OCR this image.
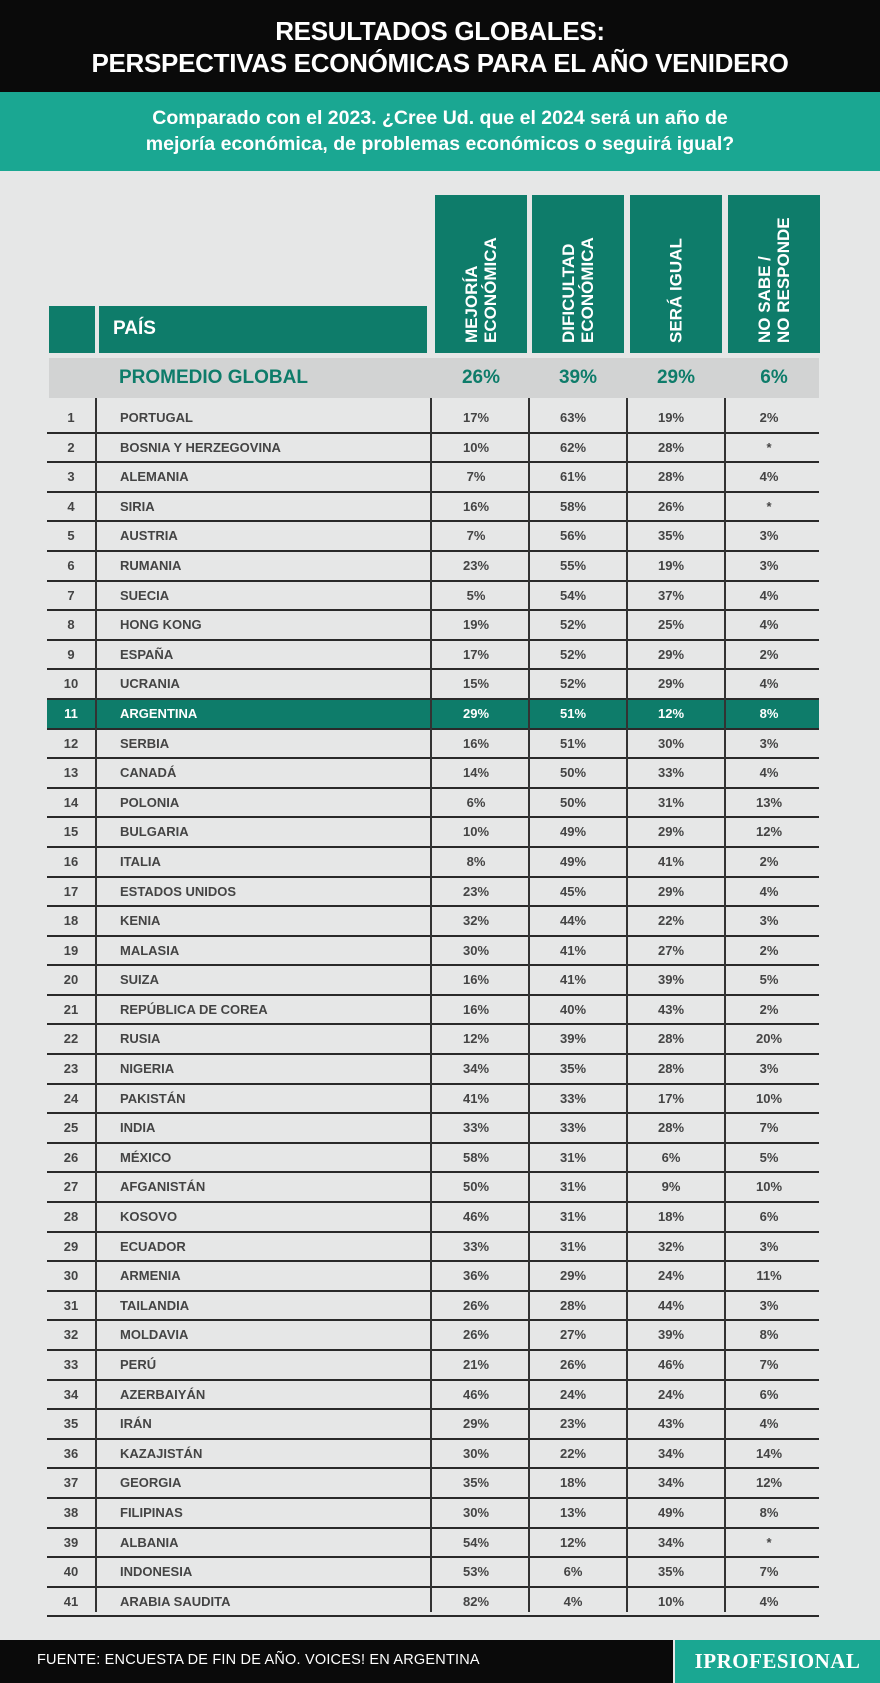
RESULTADOS GLOBALES:
PERSPECTIVAS ECONÓMICAS PARA EL AÑO VENIDERO
Comparado con el 2023. ¿Cree Ud. que el 2024 será un año de
mejoría económica, de problemas económicos o seguirá igual?
PAÍS	MEJORÍA ECONÓMICA	DIFICULTAD ECONÓMICA	SERÁ IGUAL	NO SABE / NO RESPONDE
PROMEDIO GLOBAL	26%	39%	29%	6%
1	PORTUGAL	17%	63%	19%	2%
2	BOSNIA Y HERZEGOVINA	10%	62%	28%	*
3	ALEMANIA	7%	61%	28%	4%
4	SIRIA	16%	58%	26%	*
5	AUSTRIA	7%	56%	35%	3%
6	RUMANIA	23%	55%	19%	3%
7	SUECIA	5%	54%	37%	4%
8	HONG KONG	19%	52%	25%	4%
9	ESPAÑA	17%	52%	29%	2%
10	UCRANIA	15%	52%	29%	4%
11	ARGENTINA	29%	51%	12%	8%
12	SERBIA	16%	51%	30%	3%
13	CANADÁ	14%	50%	33%	4%
14	POLONIA	6%	50%	31%	13%
15	BULGARIA	10%	49%	29%	12%
16	ITALIA	8%	49%	41%	2%
17	ESTADOS UNIDOS	23%	45%	29%	4%
18	KENIA	32%	44%	22%	3%
19	MALASIA	30%	41%	27%	2%
20	SUIZA	16%	41%	39%	5%
21	REPÚBLICA DE COREA	16%	40%	43%	2%
22	RUSIA	12%	39%	28%	20%
23	NIGERIA	34%	35%	28%	3%
24	PAKISTÁN	41%	33%	17%	10%
25	INDIA	33%	33%	28%	7%
26	MÉXICO	58%	31%	6%	5%
27	AFGANISTÁN	50%	31%	9%	10%
28	KOSOVO	46%	31%	18%	6%
29	ECUADOR	33%	31%	32%	3%
30	ARMENIA	36%	29%	24%	11%
31	TAILANDIA	26%	28%	44%	3%
32	MOLDAVIA	26%	27%	39%	8%
33	PERÚ	21%	26%	46%	7%
34	AZERBAIYÁN	46%	24%	24%	6%
35	IRÁN	29%	23%	43%	4%
36	KAZAJISTÁN	30%	22%	34%	14%
37	GEORGIA	35%	18%	34%	12%
38	FILIPINAS	30%	13%	49%	8%
39	ALBANIA	54%	12%	34%	*
40	INDONESIA	53%	6%	35%	7%
41	ARABIA SAUDITA	82%	4%	10%	4%
FUENTE: ENCUESTA DE FIN DE AÑO. VOICES! EN ARGENTINA	IPROFESIONAL
